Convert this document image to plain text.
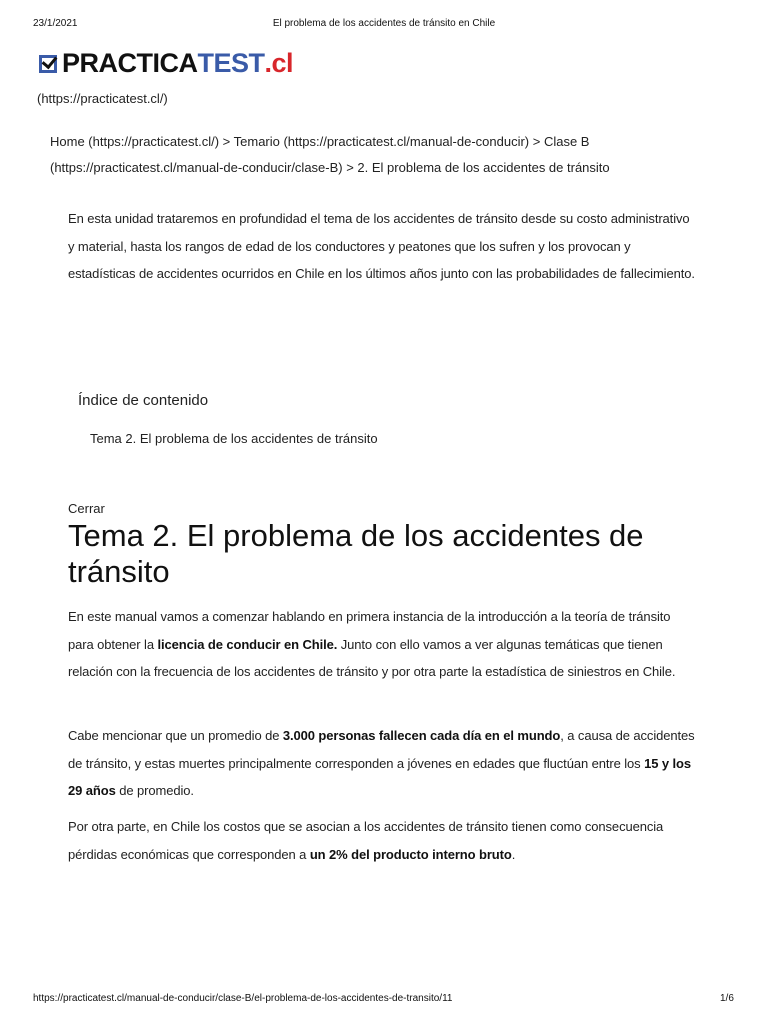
23/1/2021	El problema de los accidentes de tránsito en Chile
PRACTICA TEST .cl
(https://practicatest.cl/)
Home (https://practicatest.cl/) > Temario (https://practicatest.cl/manual-de-conducir) > Clase B (https://practicatest.cl/manual-de-conducir/clase-B) > 2. El problema de los accidentes de tránsito
En esta unidad trataremos en profundidad el tema de los accidentes de tránsito desde su costo administrativo y material, hasta los rangos de edad de los conductores y peatones que los sufren y los provocan y estadísticas de accidentes ocurridos en Chile en los últimos años junto con las probabilidades de fallecimiento.
Índice de contenido
Tema 2. El problema de los accidentes de tránsito
Cerrar
Tema 2. El problema de los accidentes de tránsito
En este manual vamos a comenzar hablando en primera instancia de la introducción a la teoría de tránsito para obtener la licencia de conducir en Chile. Junto con ello vamos a ver algunas temáticas que tienen relación con la frecuencia de los accidentes de tránsito y por otra parte la estadística de siniestros en Chile.
Cabe mencionar que un promedio de 3.000 personas fallecen cada día en el mundo, a causa de accidentes de tránsito, y estas muertes principalmente corresponden a jóvenes en edades que fluctúan entre los 15 y los 29 años de promedio.
Por otra parte, en Chile los costos que se asocian a los accidentes de tránsito tienen como consecuencia pérdidas económicas que corresponden a un 2% del producto interno bruto.
https://practicatest.cl/manual-de-conducir/clase-B/el-problema-de-los-accidentes-de-transito/11	1/6
